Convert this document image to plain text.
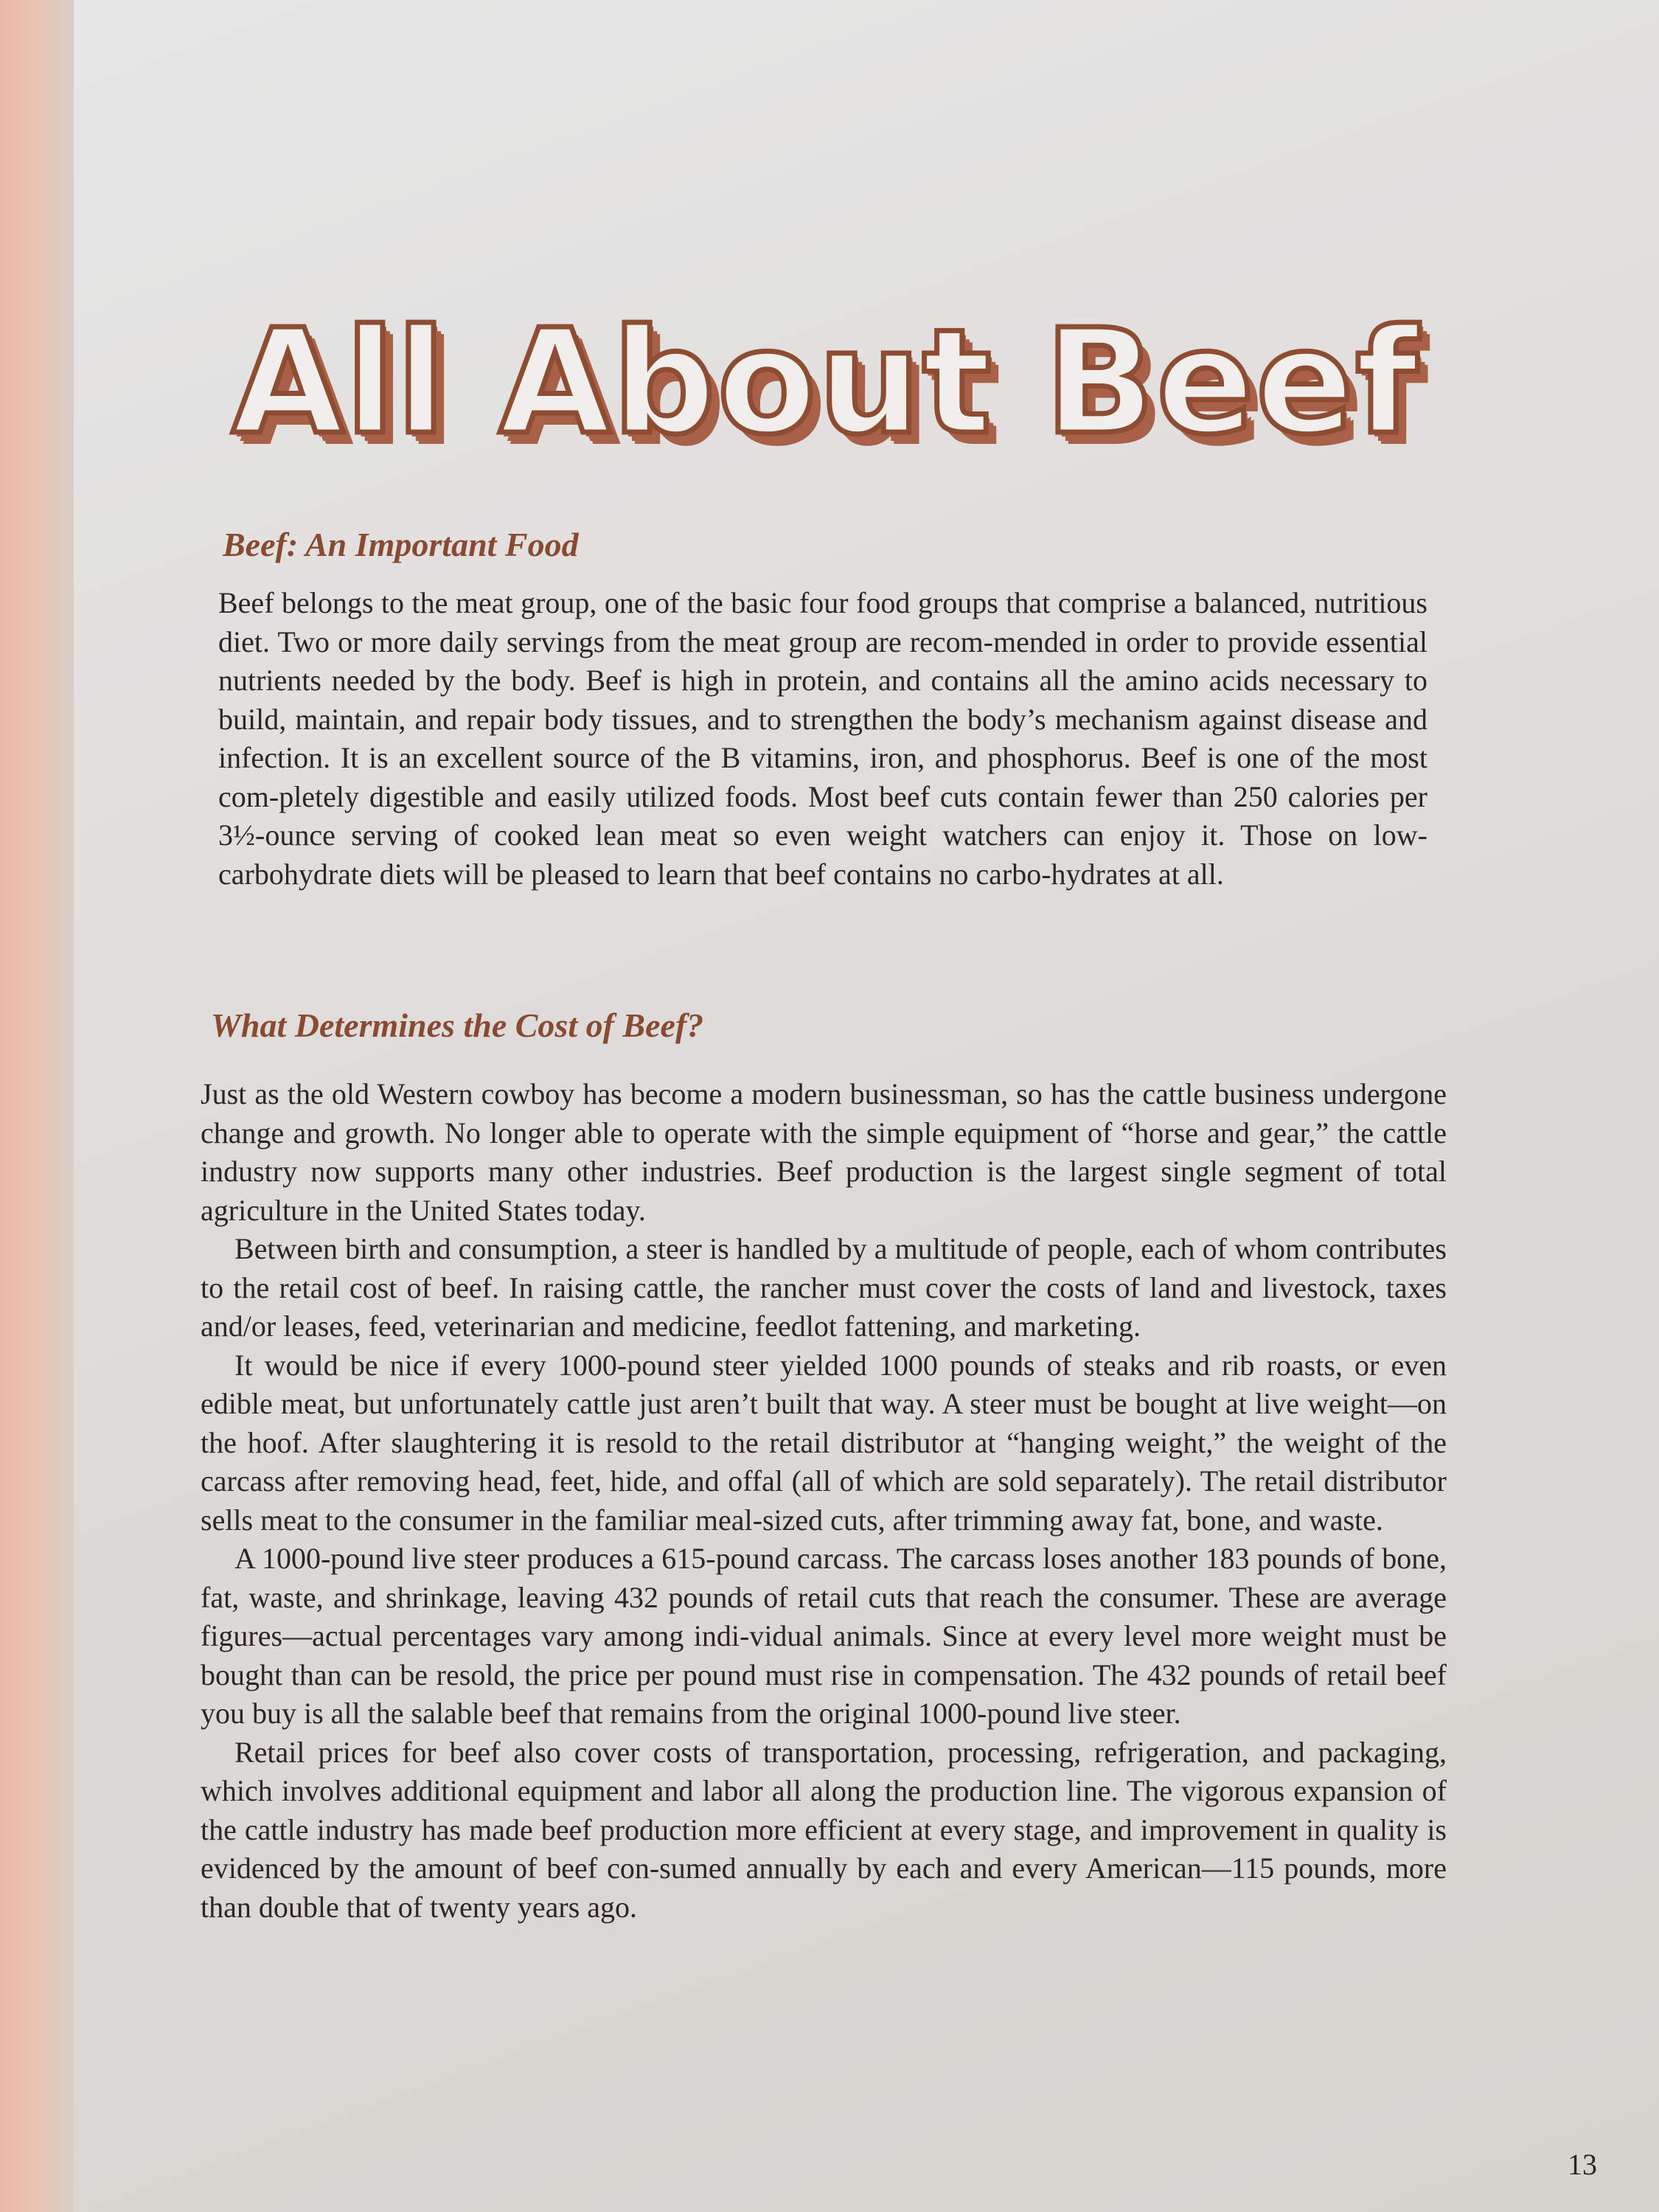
All About Beef
Beef: An Important Food

Beef belongs to the meat group, one of the basic four food groups that comprise a balanced, nutritious diet. Two or more daily servings from the meat group are recom-mended in order to provide essential nutrients needed by the body. Beef is high in protein, and contains all the amino acids necessary to build, maintain, and repair body tissues, and to strengthen the body’s mechanism against disease and infection. It is an excellent source of the B vitamins, iron, and phosphorus. Beef is one of the most com-pletely digestible and easily utilized foods. Most beef cuts contain fewer than 250 calories per 3½-ounce serving of cooked lean meat so even weight watchers can enjoy it. Those on low-carbohydrate diets will be pleased to learn that beef contains no carbo-hydrates at all.

What Determines the Cost of Beef?

Just as the old Western cowboy has become a modern businessman, so has the cattle business undergone change and growth. No longer able to operate with the simple equipment of “horse and gear,” the cattle industry now supports many other industries. Beef production is the largest single segment of total agriculture in the United States today.

Between birth and consumption, a steer is handled by a multitude of people, each of whom contributes to the retail cost of beef. In raising cattle, the rancher must cover the costs of land and livestock, taxes and/or leases, feed, veterinarian and medicine, feedlot fattening, and marketing.

It would be nice if every 1000-pound steer yielded 1000 pounds of steaks and rib roasts, or even edible meat, but unfortunately cattle just aren’t built that way. A steer must be bought at live weight—on the hoof. After slaughtering it is resold to the retail distributor at “hanging weight,” the weight of the carcass after removing head, feet, hide, and offal (all of which are sold separately). The retail distributor sells meat to the consumer in the familiar meal-sized cuts, after trimming away fat, bone, and waste.

A 1000-pound live steer produces a 615-pound carcass. The carcass loses another 183 pounds of bone, fat, waste, and shrinkage, leaving 432 pounds of retail cuts that reach the consumer. These are average figures—actual percentages vary among indi-vidual animals. Since at every level more weight must be bought than can be resold, the price per pound must rise in compensation. The 432 pounds of retail beef you buy is all the salable beef that remains from the original 1000-pound live steer.

Retail prices for beef also cover costs of transportation, processing, refrigeration, and packaging, which involves additional equipment and labor all along the production line. The vigorous expansion of the cattle industry has made beef production more efficient at every stage, and improvement in quality is evidenced by the amount of beef con-sumed annually by each and every American—115 pounds, more than double that of twenty years ago.

13
